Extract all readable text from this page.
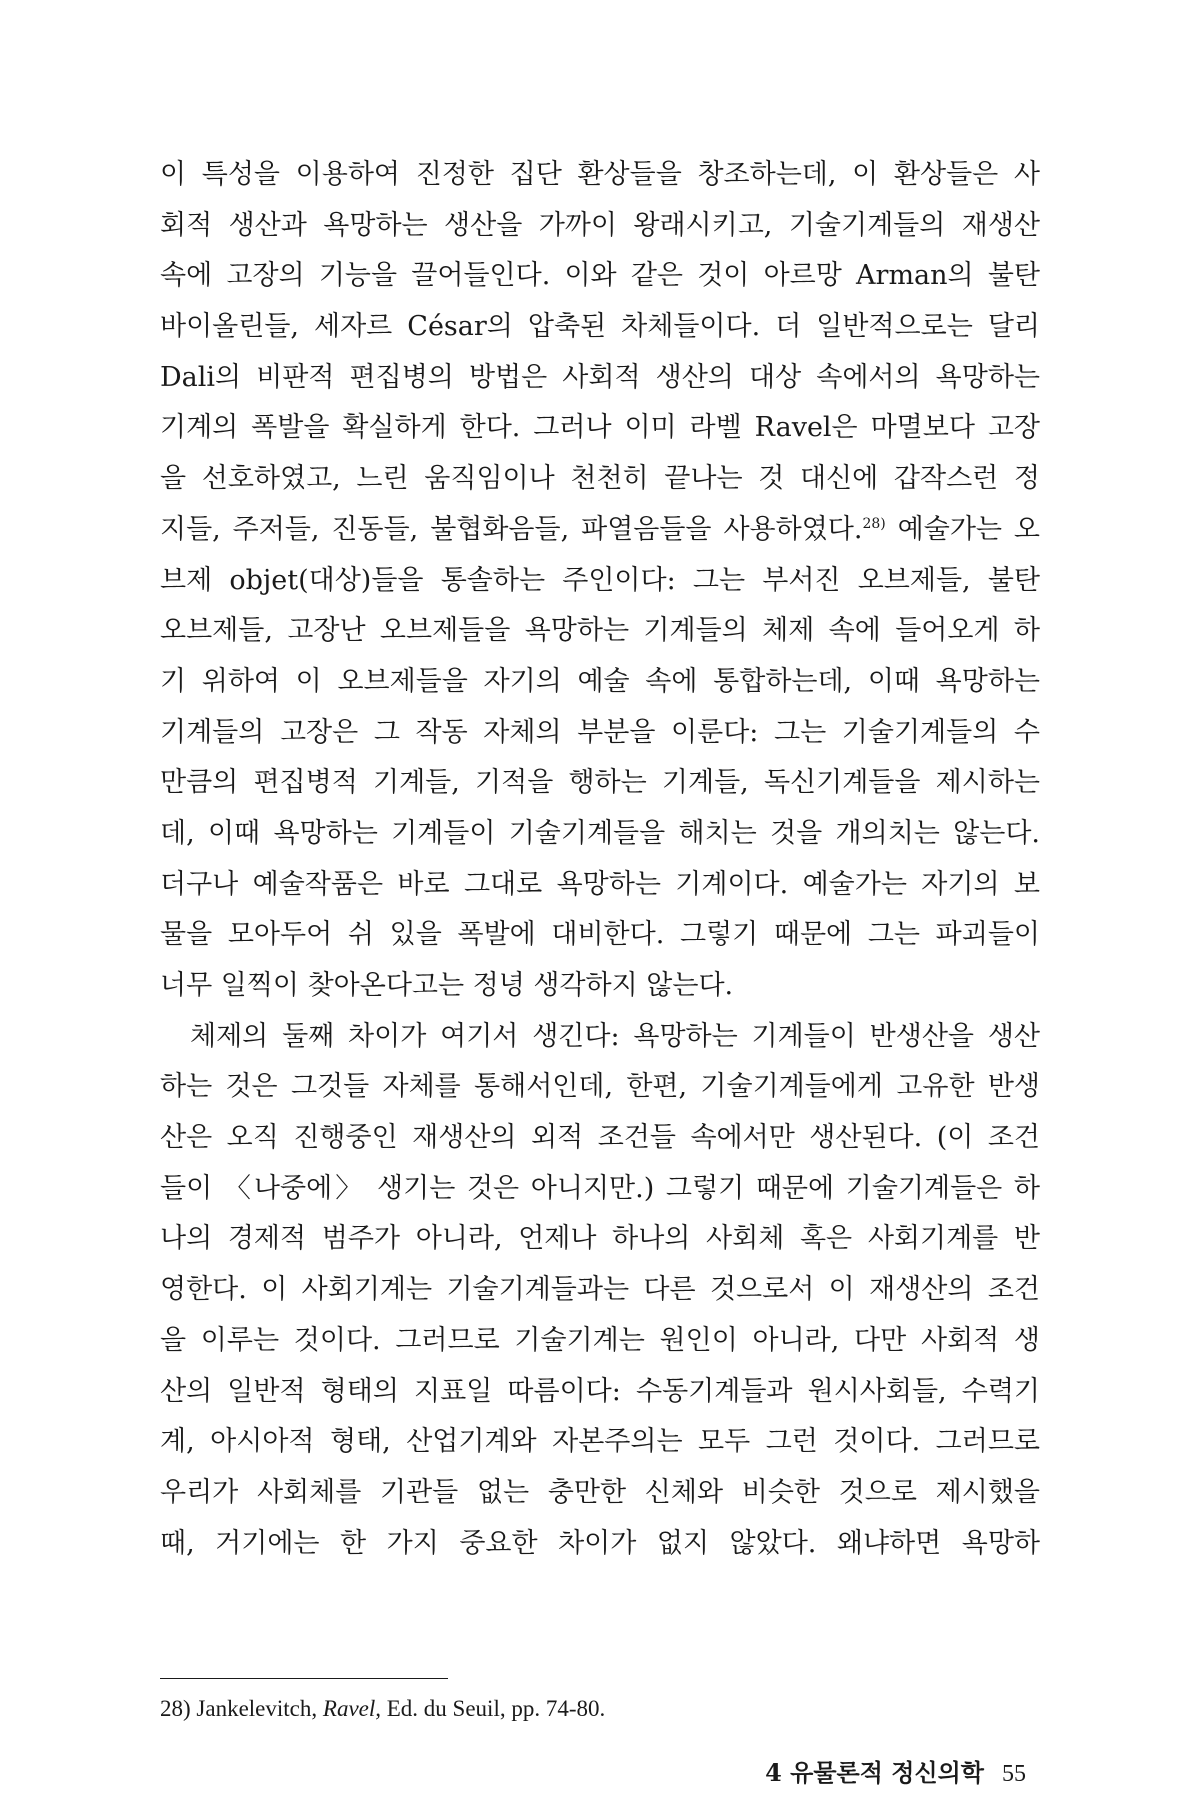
이 특성을 이용하여 진정한 집단 환상들을 창조하는데, 이 환상들은 사
회적 생산과 욕망하는 생산을 가까이 왕래시키고, 기술기계들의 재생산
속에 고장의 기능을 끌어들인다. 이와 같은 것이 아르망 Arman의 불탄
바이올린들, 세자르 César의 압축된 차체들이다. 더 일반적으로는 달리
Dali의 비판적 편집병의 방법은 사회적 생산의 대상 속에서의 욕망하는
기계의 폭발을 확실하게 한다. 그러나 이미 라벨 Ravel은 마멸보다 고장
을 선호하였고, 느린 움직임이나 천천히 끝나는 것 대신에 갑작스런 정
지들, 주저들, 진동들, 불협화음들, 파열음들을 사용하였다.$^{28)}$ 예술가는 오
브제 objet(대상)들을 통솔하는 주인이다: 그는 부서진 오브제들, 불탄
오브제들, 고장난 오브제들을 욕망하는 기계들의 체제 속에 들어오게 하
기 위하여 이 오브제들을 자기의 예술 속에 통합하는데, 이때 욕망하는
기계들의 고장은 그 작동 자체의 부분을 이룬다: 그는 기술기계들의 수
만큼의 편집병적 기계들, 기적을 행하는 기계들, 독신기계들을 제시하는
데, 이때 욕망하는 기계들이 기술기계들을 해치는 것을 개의치는 않는다.
더구나 예술작품은 바로 그대로 욕망하는 기계이다. 예술가는 자기의 보
물을 모아두어 쉬 있을 폭발에 대비한다. 그렇기 때문에 그는 파괴들이
너무 일찍이 찾아온다고는 정녕 생각하지 않는다.
체제의 둘째 차이가 여기서 생긴다: 욕망하는 기계들이 반생산을 생산
하는 것은 그것들 자체를 통해서인데, 한편, 기술기계들에게 고유한 반생
산은 오직 진행중인 재생산의 외적 조건들 속에서만 생산된다. (이 조건
들이 〈나중에〉 생기는 것은 아니지만.) 그렇기 때문에 기술기계들은 하
나의 경제적 범주가 아니라, 언제나 하나의 사회체 혹은 사회기계를 반
영한다. 이 사회기계는 기술기계들과는 다른 것으로서 이 재생산의 조건
을 이루는 것이다. 그러므로 기술기계는 원인이 아니라, 다만 사회적 생
산의 일반적 형태의 지표일 따름이다: 수동기계들과 원시사회들, 수력기
계, 아시아적 형태, 산업기계와 자본주의는 모두 그런 것이다. 그러므로
우리가 사회체를 기관들 없는 충만한 신체와 비슷한 것으로 제시했을
때, 거기에는 한 가지 중요한 차이가 없지 않았다. 왜냐하면 욕망하
28) Jankelevitch, Ravel, Ed. du Seuil, pp. 74-80.
4 유물론적 정신의학 55
